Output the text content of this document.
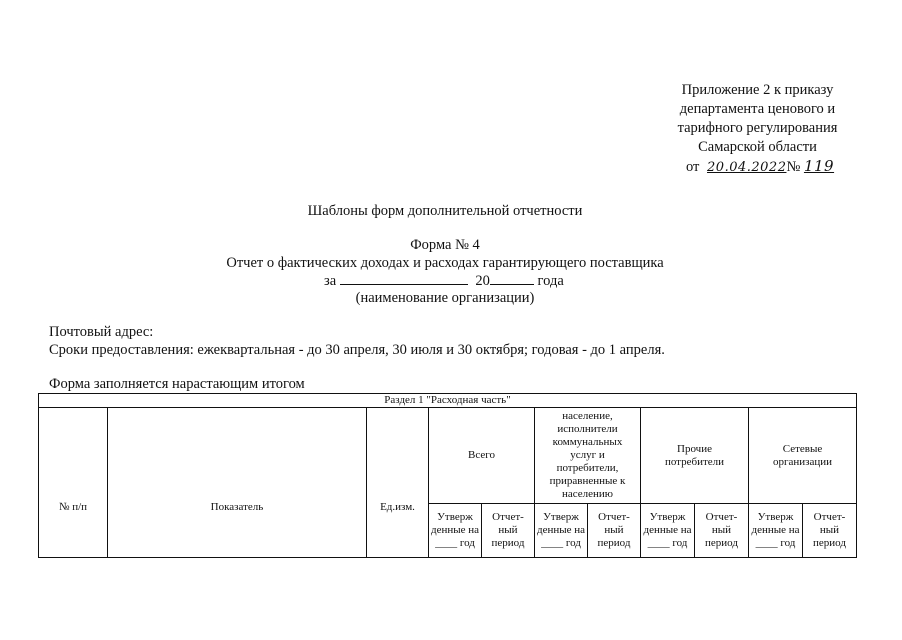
Приложение 2 к приказу
департамента ценового и
тарифного регулирования
Самарской области
от 20.04.2022№ 119
Шаблоны форм дополнительной отчетности
Форма № 4
Отчет о фактических доходах и расходах гарантирующего поставщика
за	20	года
(наименование организации)
Почтовый адрес:
Сроки предоставления: ежеквартальная - до 30 апреля, 30 июля и 30 октября; годовая - до 1 апреля.
Форма заполняется нарастающим итогом
Раздел 1 "Расходная часть"										
№ п/п	Показатель	Ед.изм.	Всего		население, исполнители коммунальных услуг и потребители, приравненные к населению		Прочие потребители		Сетевые организации	
			Утверж денные на ____ год	Отчет-ный период	Утверж денные на ____ год	Отчет-ный период	Утверж денные на ____ год	Отчет-ный период	Утверж денные на ____ год	Отчет-ный период
